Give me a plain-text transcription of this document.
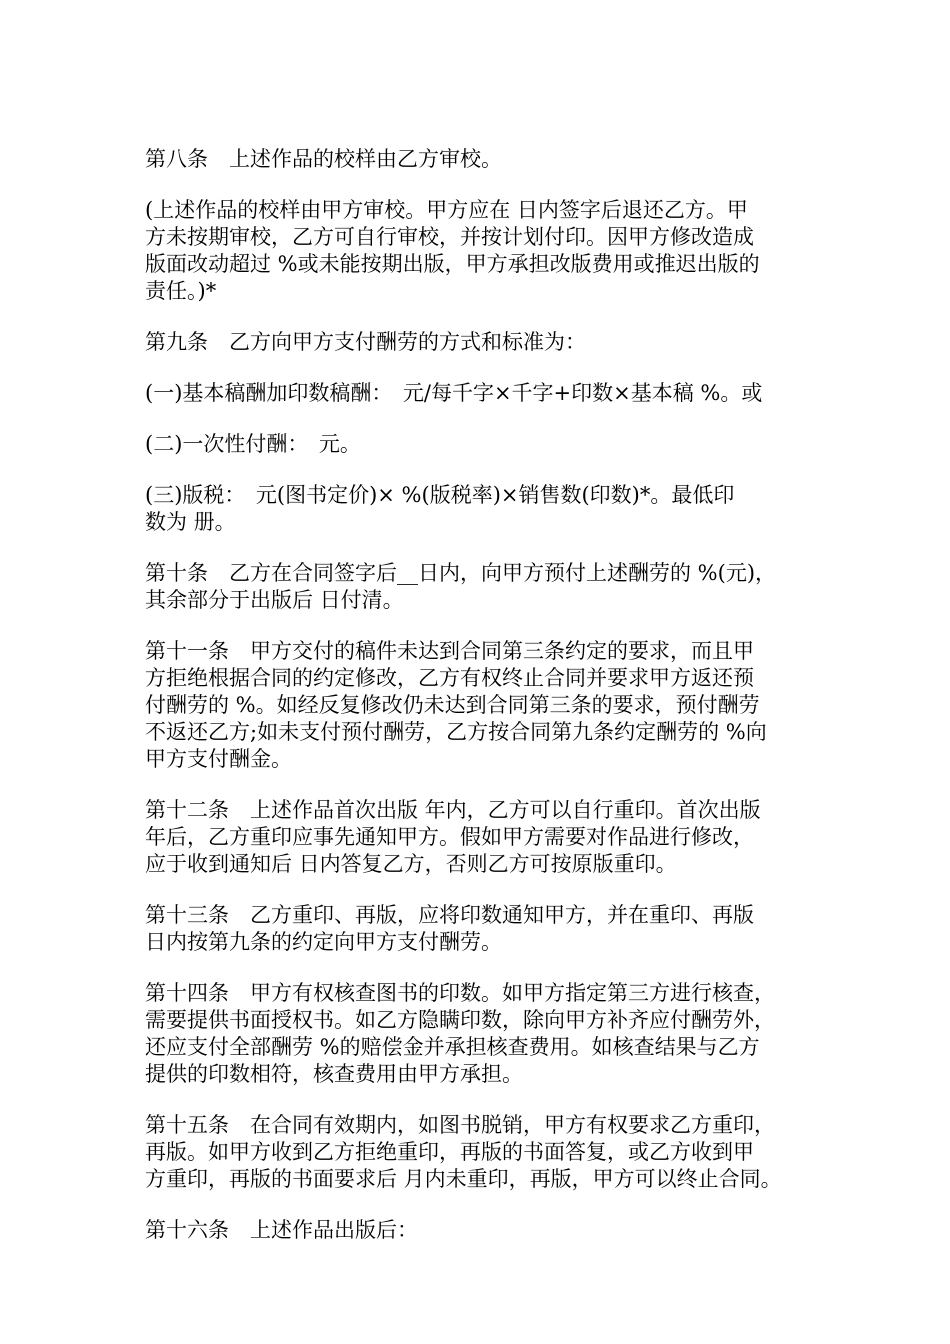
第八条　上述作品的校样由乙方审校。
(上述作品的校样由甲方审校。甲方应在 日内签字后退还乙方。甲
方未按期审校，乙方可自行审校，并按计划付印。因甲方修改造成
版面改动超过 %或未能按期出版，甲方承担改版费用或推迟出版的
责任。)*
第九条　乙方向甲方支付酬劳的方式和标准为：
(一)基本稿酬加印数稿酬：　元/每千字×千字+印数×基本稿 %。或
(二)一次性付酬：　元。
(三)版税：　元(图书定价)× %(版税率)×销售数(印数)*。最低印
数为 册。
第十条　乙方在合同签字后__日内，向甲方预付上述酬劳的 %(元)，
其余部分于出版后 日付清。
第十一条　甲方交付的稿件未达到合同第三条约定的要求，而且甲
方拒绝根据合同的约定修改，乙方有权终止合同并要求甲方返还预
付酬劳的 %。如经反复修改仍未达到合同第三条的要求，预付酬劳
不返还乙方;如未支付预付酬劳，乙方按合同第九条约定酬劳的 %向
甲方支付酬金。
第十二条　上述作品首次出版 年内，乙方可以自行重印。首次出版
年后，乙方重印应事先通知甲方。假如甲方需要对作品进行修改，
应于收到通知后 日内答复乙方，否则乙方可按原版重印。
第十三条　乙方重印、再版，应将印数通知甲方，并在重印、再版
日内按第九条的约定向甲方支付酬劳。
第十四条　甲方有权核查图书的印数。如甲方指定第三方进行核查，
需要提供书面授权书。如乙方隐瞒印数，除向甲方补齐应付酬劳外，
还应支付全部酬劳 %的赔偿金并承担核查费用。如核查结果与乙方
提供的印数相符，核查费用由甲方承担。
第十五条　在合同有效期内，如图书脱销，甲方有权要求乙方重印，
再版。如甲方收到乙方拒绝重印，再版的书面答复，或乙方收到甲
方重印，再版的书面要求后 月内未重印，再版，甲方可以终止合同。
第十六条　上述作品出版后：
